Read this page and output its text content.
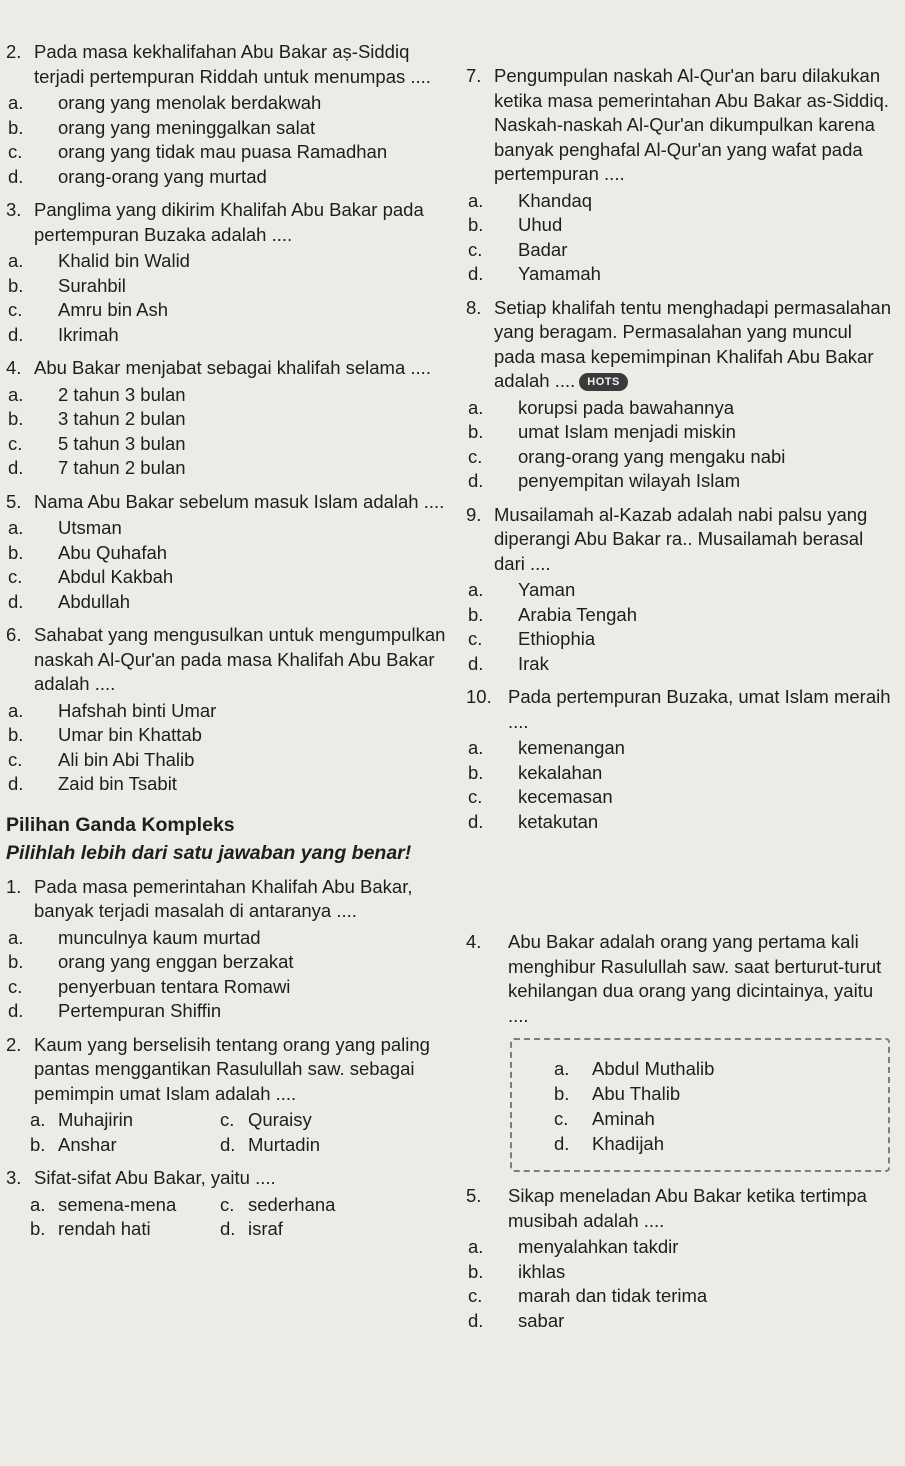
2. Pada masa kekhalifahan Abu Bakar aṣ-Siddiq terjadi pertempuran Riddah untuk menumpas ....
a.	orang yang menolak berdakwah
b.	orang yang meninggalkan salat
c.	orang yang tidak mau puasa Ramadhan
d.	orang-orang yang murtad
3. Panglima yang dikirim Khalifah Abu Bakar pada pertempuran Buzaka adalah ....
a.	Khalid bin Walid
b.	Surahbil
c.	Amru bin Ash
d.	Ikrimah
4. Abu Bakar menjabat sebagai khalifah selama ....
a.	2 tahun 3 bulan
b.	3 tahun 2 bulan
c.	5 tahun 3 bulan
d.	7 tahun 2 bulan
5. Nama Abu Bakar sebelum masuk Islam adalah ....
a.	Utsman
b.	Abu Quhafah
c.	Abdul Kakbah
d.	Abdullah
6. Sahabat yang mengusulkan untuk mengumpulkan naskah Al-Qur'an pada masa Khalifah Abu Bakar adalah ....
a.	Hafshah binti Umar
b.	Umar bin Khattab
c.	Ali bin Abi Thalib
d.	Zaid bin Tsabit
Pilihan Ganda Kompleks
Pilihlah lebih dari satu jawaban yang benar!
1. Pada masa pemerintahan Khalifah Abu Bakar, banyak terjadi masalah di antaranya ....
a.	munculnya kaum murtad
b.	orang yang enggan berzakat
c.	penyerbuan tentara Romawi
d.	Pertempuran Shiffin
2. Kaum yang berselisih tentang orang yang paling pantas menggantikan Rasulullah saw. sebagai pemimpin umat Islam adalah ....
a. Muhajirin	c. Quraisy
b. Anshar	d. Murtadin
3. Sifat-sifat Abu Bakar, yaitu ....
a. semena-mena	c. sederhana
b. rendah hati	d. israf
7. Pengumpulan naskah Al-Qur'an baru dilakukan ketika masa pemerintahan Abu Bakar as-Siddiq. Naskah-naskah Al-Qur'an dikumpulkan karena banyak penghafal Al-Qur'an yang wafat pada pertempuran ....
a.	Khandaq
b.	Uhud
c.	Badar
d.	Yamamah
8. Setiap khalifah tentu menghadapi permasalahan yang beragam. Permasalahan yang muncul pada masa kepemimpinan Khalifah Abu Bakar adalah .... HOTS
a.	korupsi pada bawahannya
b.	umat Islam menjadi miskin
c.	orang-orang yang mengaku nabi
d.	penyempitan wilayah Islam
9. Musailamah al-Kazab adalah nabi palsu yang diperangi Abu Bakar ra.. Musailamah berasal dari ....
a.	Yaman
b.	Arabia Tengah
c.	Ethiophia
d.	Irak
10. Pada pertempuran Buzaka, umat Islam meraih ....
a.	kemenangan
b.	kekalahan
c.	kecemasan
d.	ketakutan
4. Abu Bakar adalah orang yang pertama kali menghibur Rasulullah saw. saat berturut-turut kehilangan dua orang yang dicintainya, yaitu ....
a. Abdul Muthalib
b. Abu Thalib
c. Aminah
d. Khadijah
5. Sikap meneladan Abu Bakar ketika tertimpa musibah adalah ....
a.	menyalahkan takdir
b.	ikhlas
c.	marah dan tidak terima
d.	sabar
